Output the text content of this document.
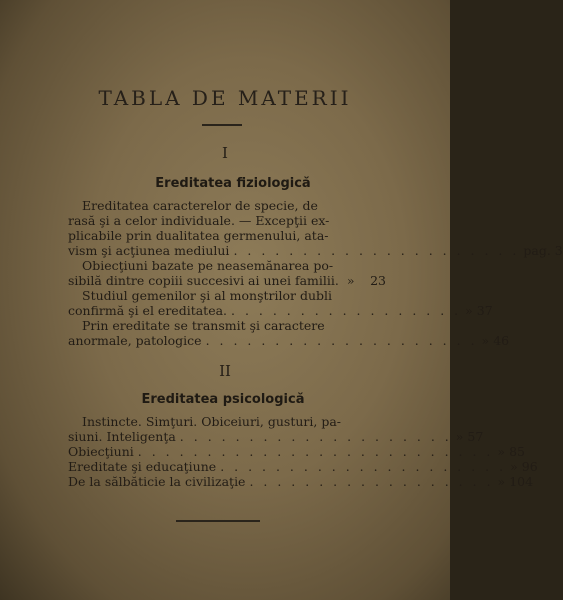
TABLA DE MATERII
I
Ereditatea fiziologică
Ereditatea caracterelor de specie, de
rasă şi a celor individuale. — Excepţii ex-
plicabile prin dualitatea germenului, ata-
vism şi acţiunea mediului . . . . . . . . . . . . . . . . . . . . . pag. 3
Obiecţiuni bazate pe neasemănarea po-
sibilă dintre copiii succesivi ai unei familii. »	23
Studiul gemenilor şi al monştrilor dubli
confirmă şi el ereditatea. . . . . . . . . . . . . . . . . . » 37
Prin ereditate se transmit şi caractere
anormale, patologice . . . . . . . . . . . . . . . . . . . . » 46
II
Ereditatea psicologică
Instincte. Simţuri. Obiceiuri, gusturi, pa-
siuni. Inteligenţa . . . . . . . . . . . . . . . . . . . . » 57
Obiecţiuni . . . . . . . . . . . . . . . . . . . . . . . . . . » 85
Ereditate şi educaţiune . . . . . . . . . . . . . . . . . . . . . » 96
De la sălbăticie la civilizaţie . . . . . . . . . . . . . . . . . . » 104
